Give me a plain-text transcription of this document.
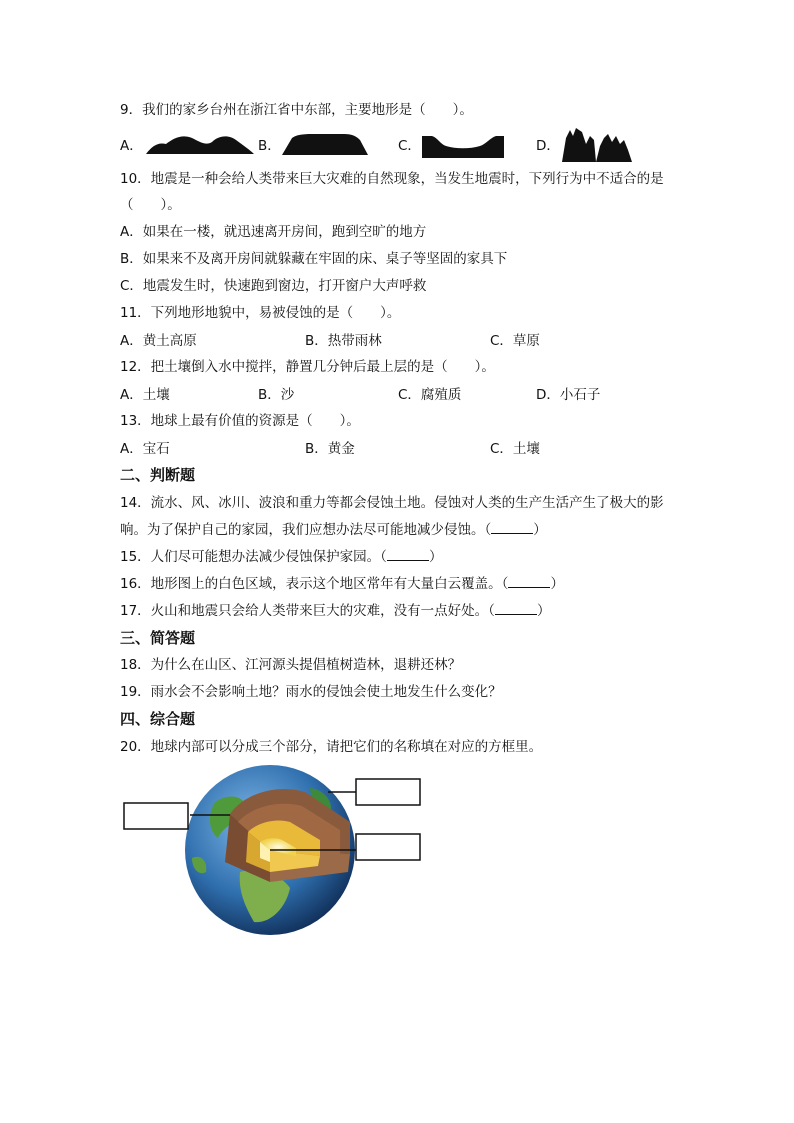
9．我们的家乡台州在浙江省中东部，主要地形是（　　）。
A．	B．	C．	D．
10．地震是一种会给人类带来巨大灾难的自然现象，当发生地震时，下列行为中不适合的是
（　　）。
A．如果在一楼，就迅速离开房间，跑到空旷的地方
B．如果来不及离开房间就躲藏在牢固的床、桌子等坚固的家具下
C．地震发生时，快速跑到窗边，打开窗户大声呼救
11．下列地形地貌中，易被侵蚀的是（　　）。
A．黄土高原	B．热带雨林	C．草原
12．把土壤倒入水中搅拌，静置几分钟后最上层的是（　　）。
A．土壤	B．沙	C．腐殖质	D．小石子
13．地球上最有价值的资源是（　　）。
A．宝石	B．黄金	C．土壤
二、判断题
14．流水、风、冰川、波浪和重力等都会侵蚀土地。侵蚀对人类的生产生活产生了极大的影
响。为了保护自己的家园，我们应想办法尽可能地减少侵蚀。（	）
15．人们尽可能想办法减少侵蚀保护家园。（	）
16．地形图上的白色区域，表示这个地区常年有大量白云覆盖。（	）
17．火山和地震只会给人类带来巨大的灾难，没有一点好处。（	）
三、简答题
18．为什么在山区、江河源头提倡植树造林，退耕还林？
19．雨水会不会影响土地？雨水的侵蚀会使土地发生什么变化？
四、综合题
20．地球内部可以分成三个部分，请把它们的名称填在对应的方框里。
